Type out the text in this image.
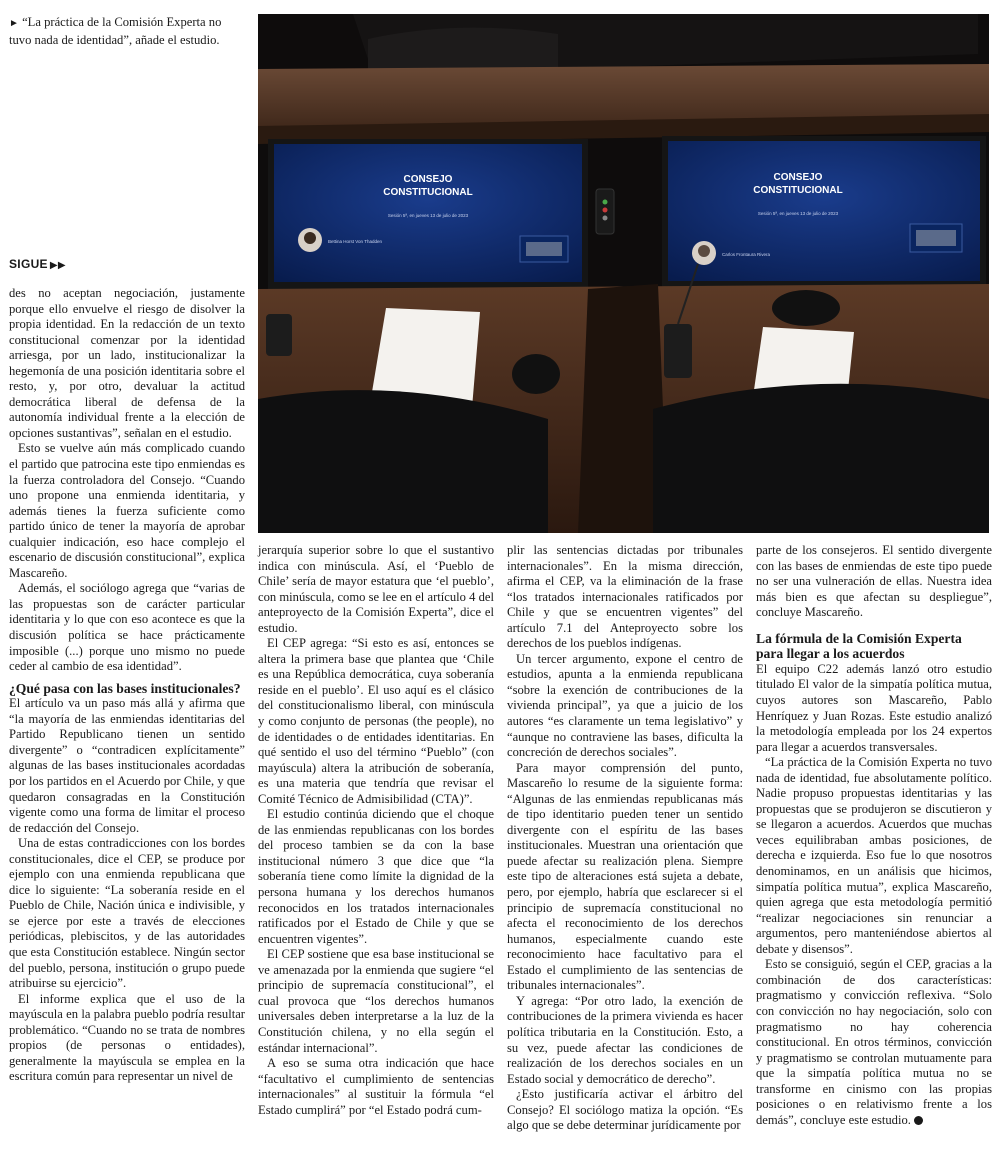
► “La práctica de la Comisión Experta no tuvo nada de identidad”, añade el estudio.

SIGUE ▶▶
CONSEJO
CONSTITUCIONAL
Sesión 5ª, en jueves 13 de julio de 2023
Bettina Horst Von Thadden
CONSEJO
CONSTITUCIONAL
Sesión 5ª, en jueves 13 de julio de 2023
Carlos Frontaura Rivera

des no aceptan negociación, justamente porque ello envuelve el riesgo de disolver la propia identidad. En la redacción de un texto constitucional comenzar por la identidad arriesga, por un lado, institucionalizar la hegemonía de una posición identitaria sobre el resto, y, por otro, devaluar la actitud democrática liberal de defensa de la autonomía individual frente a la elección de opciones sustantivas”, señalan en el estudio.

Esto se vuelve aún más complicado cuando el partido que patrocina este tipo enmiendas es la fuerza controladora del Consejo. “Cuando uno propone una enmienda identitaria, y además tienes la fuerza suficiente como partido único de tener la mayoría de aprobar cualquier indicación, eso hace complejo el escenario de discusión constitucional”, explica Mascareño.

Además, el sociólogo agrega que “varias de las propuestas son de carácter particular identitaria y lo que con eso acontece es que la discusión política se hace prácticamente imposible (...) porque uno mismo no puede ceder al cambio de esa identidad”.

¿Qué pasa con las bases institucionales?

El artículo va un paso más allá y afirma que “la mayoría de las enmiendas identitarias del Partido Republicano tienen un sentido divergente” o “contradicen explícitamente” algunas de las bases institucionales acordadas por los partidos en el Acuerdo por Chile, y que quedaron consagradas en la Constitución vigente como una forma de limitar el proceso de redacción del Consejo.

Una de estas contradicciones con los bordes constitucionales, dice el CEP, se produce por ejemplo con una enmienda republicana que dice lo siguiente: “La soberanía reside en el Pueblo de Chile, Nación única e indivisible, y se ejerce por este a través de elecciones periódicas, plebiscitos, y de las autoridades que esta Constitución establece. Ningún sector del pueblo, persona, institución o grupo puede atribuirse su ejercicio”.

El informe explica que el uso de la mayúscula en la palabra pueblo podría resultar problemático. “Cuando no se trata de nombres propios (de personas o entidades), generalmente la mayúscula se emplea en la escritura común para representar un nivel de

jerarquía superior sobre lo que el sustantivo indica con minúscula. Así, el ‘Pueblo de Chile’ sería de mayor estatura que ‘el pueblo’, con minúscula, como se lee en el artículo 4 del anteproyecto de la Comisión Experta”, dice el estudio.

El CEP agrega: “Si esto es así, entonces se altera la primera base que plantea que ‘Chile es una República democrática, cuya soberanía reside en el pueblo’. El uso aquí es el clásico del constitucionalismo liberal, con minúscula y como conjunto de personas (the people), no de identidades o de entidades identitarias. En qué sentido el uso del término “Pueblo” (con mayúscula) altera la atribución de soberanía, es una materia que tendría que revisar el Comité Técnico de Admisibilidad (CTA)”.

El estudio continúa diciendo que el choque de las enmiendas republicanas con los bordes del proceso tambien se da con la base institucional número 3 que dice que “la soberanía tiene como límite la dignidad de la persona humana y los derechos humanos reconocidos en los tratados internacionales ratificados por el Estado de Chile y que se encuentren vigentes”.

El CEP sostiene que esa base institucional se ve amenazada por la enmienda que sugiere “el principio de supremacía constitucional”, el cual provoca que “los derechos humanos universales deben interpretarse a la luz de la Constitución chilena, y no ella según el estándar internacional”.

A eso se suma otra indicación que hace “facultativo el cumplimiento de sentencias internacionales” al sustituir la fórmula “el Estado cumplirá” por “el Estado podrá cum-

plir las sentencias dictadas por tribunales internacionales”. En la misma dirección, afirma el CEP, va la eliminación de la frase “los tratados internacionales ratificados por Chile y que se encuentren vigentes” del artículo 7.1 del Anteproyecto sobre los derechos de los pueblos indígenas.

Un tercer argumento, expone el centro de estudios, apunta a la enmienda republicana “sobre la exención de contribuciones de la vivienda principal”, ya que a juicio de los autores “es claramente un tema legislativo” y “aunque no contraviene las bases, dificulta la concreción de derechos sociales”.

Para mayor comprensión del punto, Mascareño lo resume de la siguiente forma: “Algunas de las enmiendas republicanas más de tipo identitario pueden tener un sentido divergente con el espíritu de las bases institucionales. Muestran una orientación que puede afectar su realización plena. Siempre este tipo de alteraciones está sujeta a debate, pero, por ejemplo, habría que esclarecer si el principio de supremacía constitucional no afecta el reconocimiento de los derechos humanos, especialmente cuando este reconocimiento hace facultativo para el Estado el cumplimiento de las sentencias de tribunales internacionales”.

Y agrega: “Por otro lado, la exención de contribuciones de la primera vivienda es hacer política tributaria en la Constitución. Esto, a su vez, puede afectar las condiciones de realización de los derechos sociales en un Estado social y democrático de derecho”.

¿Esto justificaría activar el árbitro del Consejo? El sociólogo matiza la opción. “Es algo que se debe determinar jurídicamente por

parte de los consejeros. El sentido divergente con las bases de enmiendas de este tipo puede no ser una vulneración de ellas. Nuestra idea más bien es que afectan su despliegue”, concluye Mascareño.

La fórmula de la Comisión Experta para llegar a los acuerdos

El equipo C22 además lanzó otro estudio titulado El valor de la simpatía política mutua, cuyos autores son Mascareño, Pablo Henríquez y Juan Rozas. Este estudio analizó la metodología empleada por los 24 expertos para llegar a acuerdos transversales.

“La práctica de la Comisión Experta no tuvo nada de identidad, fue absolutamente político. Nadie propuso propuestas identitarias y las propuestas que se produjeron se discutieron y se llegaron a acuerdos. Acuerdos que muchas veces equilibraban ambas posiciones, de derecha e izquierda. Eso fue lo que nosotros denominamos, en un análisis que hicimos, simpatía política mutua”, explica Mascareño, quien agrega que esta metodología permitió “realizar negociaciones sin renunciar a argumentos, pero manteniéndose abiertos al debate y disensos”.

Esto se consiguió, según el CEP, gracias a la combinación de dos características: pragmatismo y convicción reflexiva. “Solo con convicción no hay negociación, solo con pragmatismo no hay coherencia constitucional. En otros términos, convicción y pragmatismo se controlan mutuamente para que la simpatía política mutua no se transforme en cinismo con las propias posiciones o en relativismo frente a los demás”, concluye este estudio.
